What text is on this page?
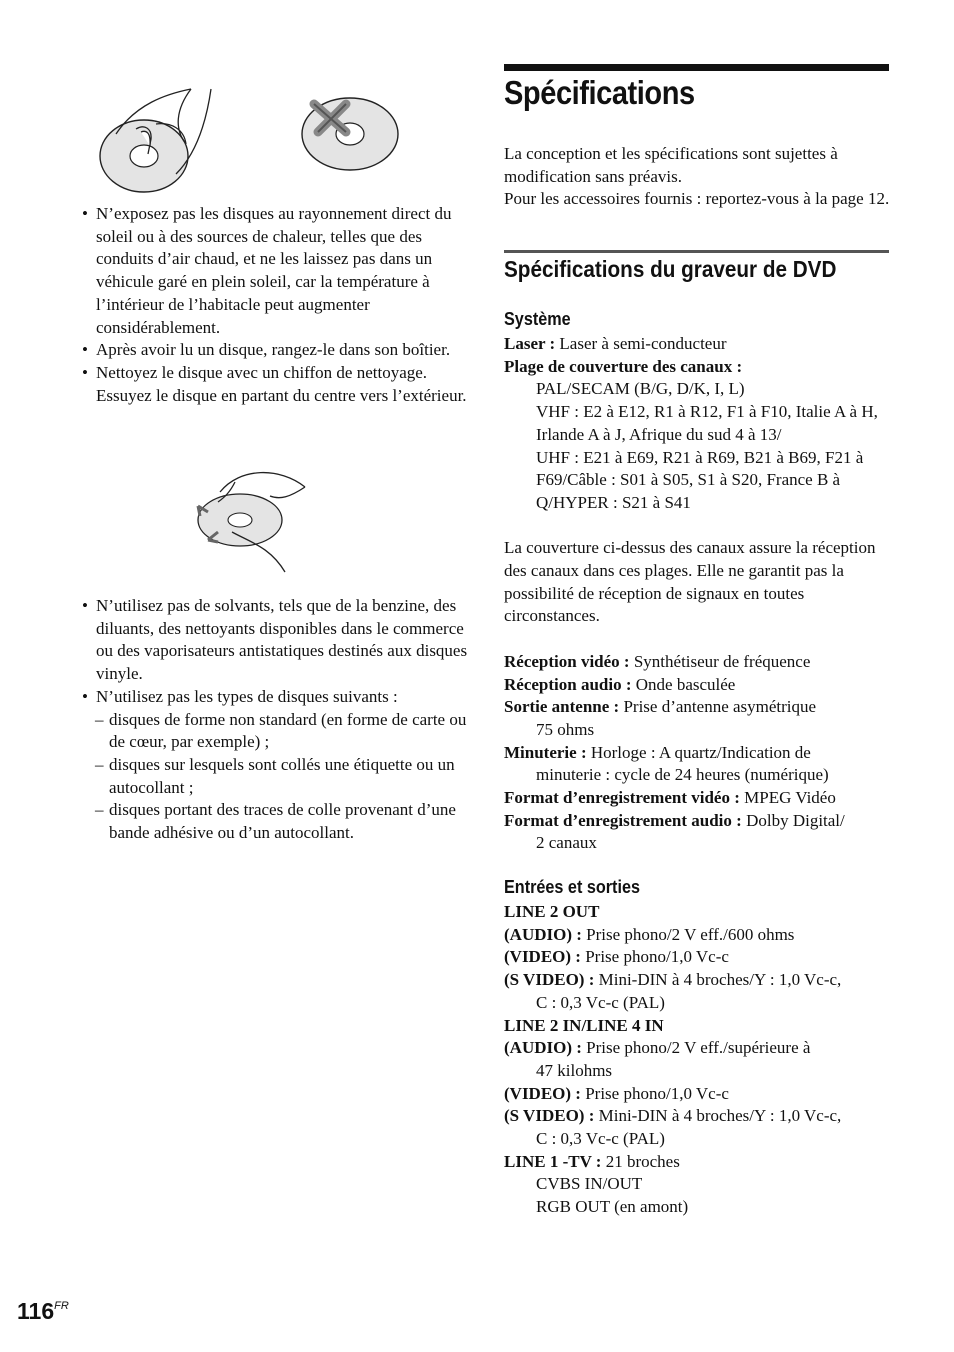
• N’exposez pas les disques au rayonnement direct du soleil ou à des sources de chaleur, telles que des conduits d’air chaud, et ne les laissez pas dans un véhicule garé en plein soleil, car la température à l’intérieur de l’habitacle peut augmenter considérablement.
• Après avoir lu un disque, rangez-le dans son boîtier.
• Nettoyez le disque avec un chiffon de nettoyage. Essuyez le disque en partant du centre vers l’extérieur.
• N’utilisez pas de solvants, tels que de la benzine, des diluants, des nettoyants disponibles dans le commerce ou des vaporisateurs antistatiques destinés aux disques vinyle.
• N’utilisez pas les types de disques suivants :
– disques de forme non standard (en forme de carte ou de cœur, par exemple) ;
– disques sur lesquels sont collés une étiquette ou un autocollant ;
– disques portant des traces de colle provenant d’une bande adhésive ou d’un autocollant.
Spécifications
La conception et les spécifications sont sujettes à modification sans préavis.
Pour les accessoires fournis : reportez-vous à la page 12.
Spécifications du graveur de DVD
Système
Laser : Laser à semi-conducteur
Plage de couverture des canaux :
PAL/SECAM (B/G, D/K, I, L)
VHF : E2 à E12, R1 à R12, F1 à F10, Italie A à H, Irlande A à J, Afrique du sud 4 à 13/
UHF : E21 à E69, R21 à R69, B21 à B69, F21 à F69/Câble : S01 à S05, S1 à S20, France B à Q/HYPER : S21 à S41
La couverture ci-dessus des canaux assure la réception des canaux dans ces plages. Elle ne garantit pas la possibilité de réception de signaux en toutes circonstances.
Réception vidéo : Synthétiseur de fréquence
Réception audio : Onde basculée
Sortie antenne : Prise d’antenne asymétrique
75 ohms
Minuterie : Horloge : A quartz/Indication de
minuterie : cycle de 24 heures (numérique)
Format d’enregistrement vidéo : MPEG Vidéo
Format d’enregistrement audio : Dolby Digital/
2 canaux
Entrées et sorties
LINE 2 OUT
(AUDIO) : Prise phono/2 V eff./600 ohms
(VIDEO) : Prise phono/1,0 Vc-c
(S VIDEO) : Mini-DIN à 4 broches/Y : 1,0 Vc-c,
C : 0,3 Vc-c (PAL)
LINE 2 IN/LINE 4 IN
(AUDIO) : Prise phono/2 V eff./supérieure à
47 kilohms
(VIDEO) : Prise phono/1,0 Vc-c
(S VIDEO) : Mini-DIN à 4 broches/Y : 1,0 Vc-c,
C : 0,3 Vc-c (PAL)
LINE 1 -TV : 21 broches
CVBS IN/OUT
RGB OUT (en amont)
$116^{FR}$
